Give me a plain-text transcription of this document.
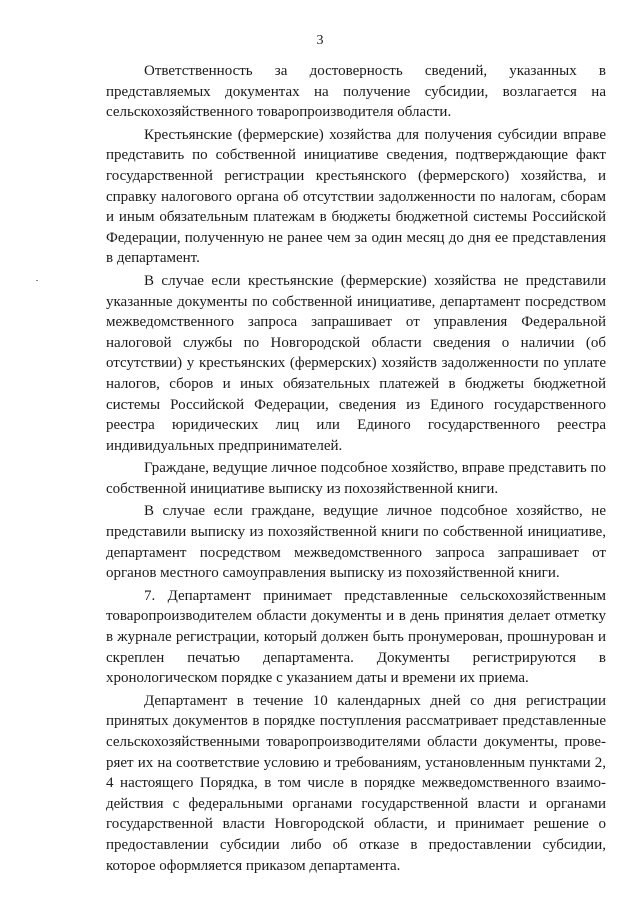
3

Ответственность за достоверность сведений, указанных в представляемых документах на получение субсидии, возлагается на сельскохозяйственного товаропроизводителя области.

Крестьянские (фермерские) хозяйства для получения субсидии вправе представить по собственной инициативе сведения, подтверждающие факт государственной регистрации крестьянского (фермерского) хозяйства, и справку налогового органа об отсутствии задолженности по налогам, сборам и иным обязательным платежам в бюджеты бюджетной системы Российской Федерации, полученную не ранее чем за один месяц до дня ее представления в департамент.

В случае если крестьянские (фермерские) хозяйства не представили указанные документы по собственной инициативе, департамент посредством межведомственного запроса запрашивает от управления Федеральной налоговой службы по Новгородской области сведения о наличии (об отсутствии) у крестьянских (фермерских) хозяйств задолженности по уплате налогов, сборов и иных обязательных платежей в бюджеты бюджетной системы Российской Федерации, сведения из Единого государственного реестра юридических лиц или Единого государственного реестра индивидуальных предпринимателей.

Граждане, ведущие личное подсобное хозяйство, вправе представить по собственной инициативе выписку из похозяйственной книги.

В случае если граждане, ведущие личное подсобное хозяйство, не представили выписку из похозяйственной книги по собственной инициативе, департамент посредством межведомственного запроса запрашивает от органов местного самоуправления выписку из похозяйственной книги.

7. Департамент принимает представленные сельскохозяйственным товаропроизводителем области документы и в день принятия делает отметку в журнале регистрации, который должен быть пронумерован, прошнурован и скреплен печатью департамента. Документы регистрируются в хронологическом порядке с указанием даты и времени их приема.

Департамент в течение 10 календарных дней со дня регистрации принятых документов в порядке поступления рассматривает представленные сельскохозяйственными товаропроизводителями области документы, прове-ряет их на соответствие условию и требованиям, установленным пунктами 2, 4 настоящего Порядка, в том числе в порядке межведомственного взаимо-действия с федеральными органами государственной власти и органами государственной власти Новгородской области, и принимает решение о предоставлении субсидии либо об отказе в предоставлении субсидии, которое оформляется приказом департамента.
